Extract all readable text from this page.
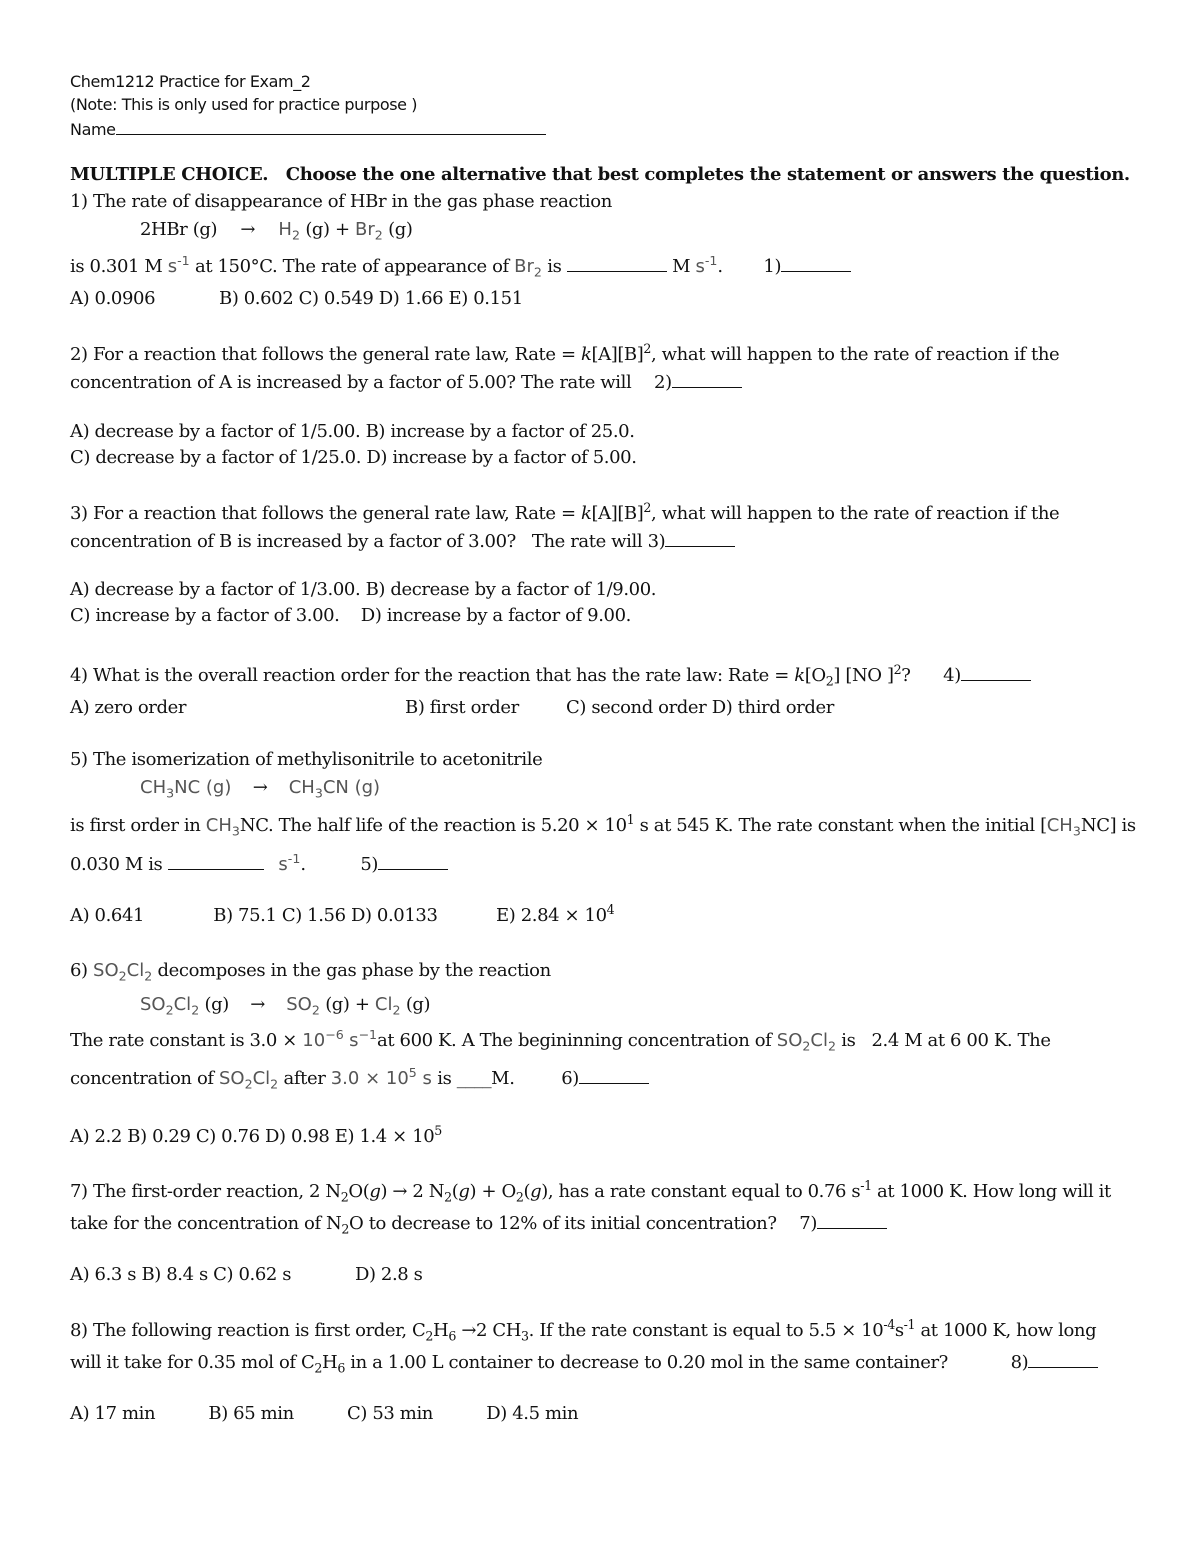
Chem1212 Practice for Exam_2
(Note: This is only used for practice purpose )
Name
MULTIPLE CHOICE. Choose the one alternative that best completes the statement or answers the question.
1) The rate of disappearance of HBr in the gas phase reaction
2HBr $(g) \to H_2$ $(g) + Br_2$ (g)
is 0.301 M $s^{-1}$ at 150°C. The rate of appearance of $Br_2$ is	M $s^{-1}$.  1)
A) 0.0906            B) 0.602 C) 0.549 D) 1.66 E) 0.151
2) For a reaction that follows the general rate law, Rate = $k[A][B]^2$, what will happen to the rate of reaction if the
concentration of A is increased by a factor of 5.00? The rate will 2)
A) decrease by a factor of 1/5.00. B) increase by a factor of 25.0.
C) decrease by a factor of 1/25.0. D) increase by a factor of 5.00.
3) For a reaction that follows the general rate law, Rate = $k[A][B]^2$, what will happen to the rate of reaction if the
concentration of B is increased by a factor of 3.00?   The rate will 3)
A) decrease by a factor of 1/3.00. B) decrease by a factor of 1/9.00.
C) increase by a factor of 3.00.    D) increase by a factor of 9.00.
4) What is the overall reaction order for the reaction that has the rate law: Rate = $k[O_2]$ [NO ]$^2$? 4)
A) zero order	B) first order	C) second order D) third order
5) The isomerization of methylisonitrile to acetonitrile
$CH_3NC$ $(g) \to CH_3CN$ (g)
is first order in $CH_3NC$. The half life of the reaction is $5.20 \times 10^1$ s at 545 K. The rate constant when the initial $[CH_3NC]$ is
0.030 M is	$s^{-1}$.	5)
A) 0.641             B) 75.1 C) 1.56 D) 0.0133           E) $2.84 \times 10^4$
6) $SO_2Cl_2$ decomposes in the gas phase by the reaction
$SO_2Cl_2$ $(g) \to SO_2$ $(g) + Cl_2$ (g)
The rate constant is $3.0 \times 10^{-6}$ $s^{-1}at$ 600 K. A The begininning concentration of $SO_2Cl_2$ is   2.4 M at 6 00 K. The
concentration of $SO_2Cl_2$ after $3.0 \times 10^5$ s is ____M.	6)
A) 2.2 B) 0.29 C) 0.76 D) 0.98 E) $1.4 \times 10^5$
7) The first-order reaction, 2 $N_2O(g) \to 2$ $N_2(g) + O_2(g)$, has a rate constant equal to 0.76 $s^{-1}$ at 1000 K. How long will it
take for the concentration of $N_2O$ to decrease to 12% of its initial concentration? 7)
A) 6.3 s B) 8.4 s C) 0.62 s            D) 2.8 s
8) The following reaction is first order, $C_2H_6 \to 2$ $CH_3$. If the rate constant is equal to $5.5 \times 10^{-4}s^{-1}$ at 1000 K, how long
will it take for 0.35 mol of $C_2H_6$ in a 1.00 L container to decrease to 0.20 mol in the same container?	8)
A) 17 min          B) 65 min          C) 53 min          D) 4.5 min
